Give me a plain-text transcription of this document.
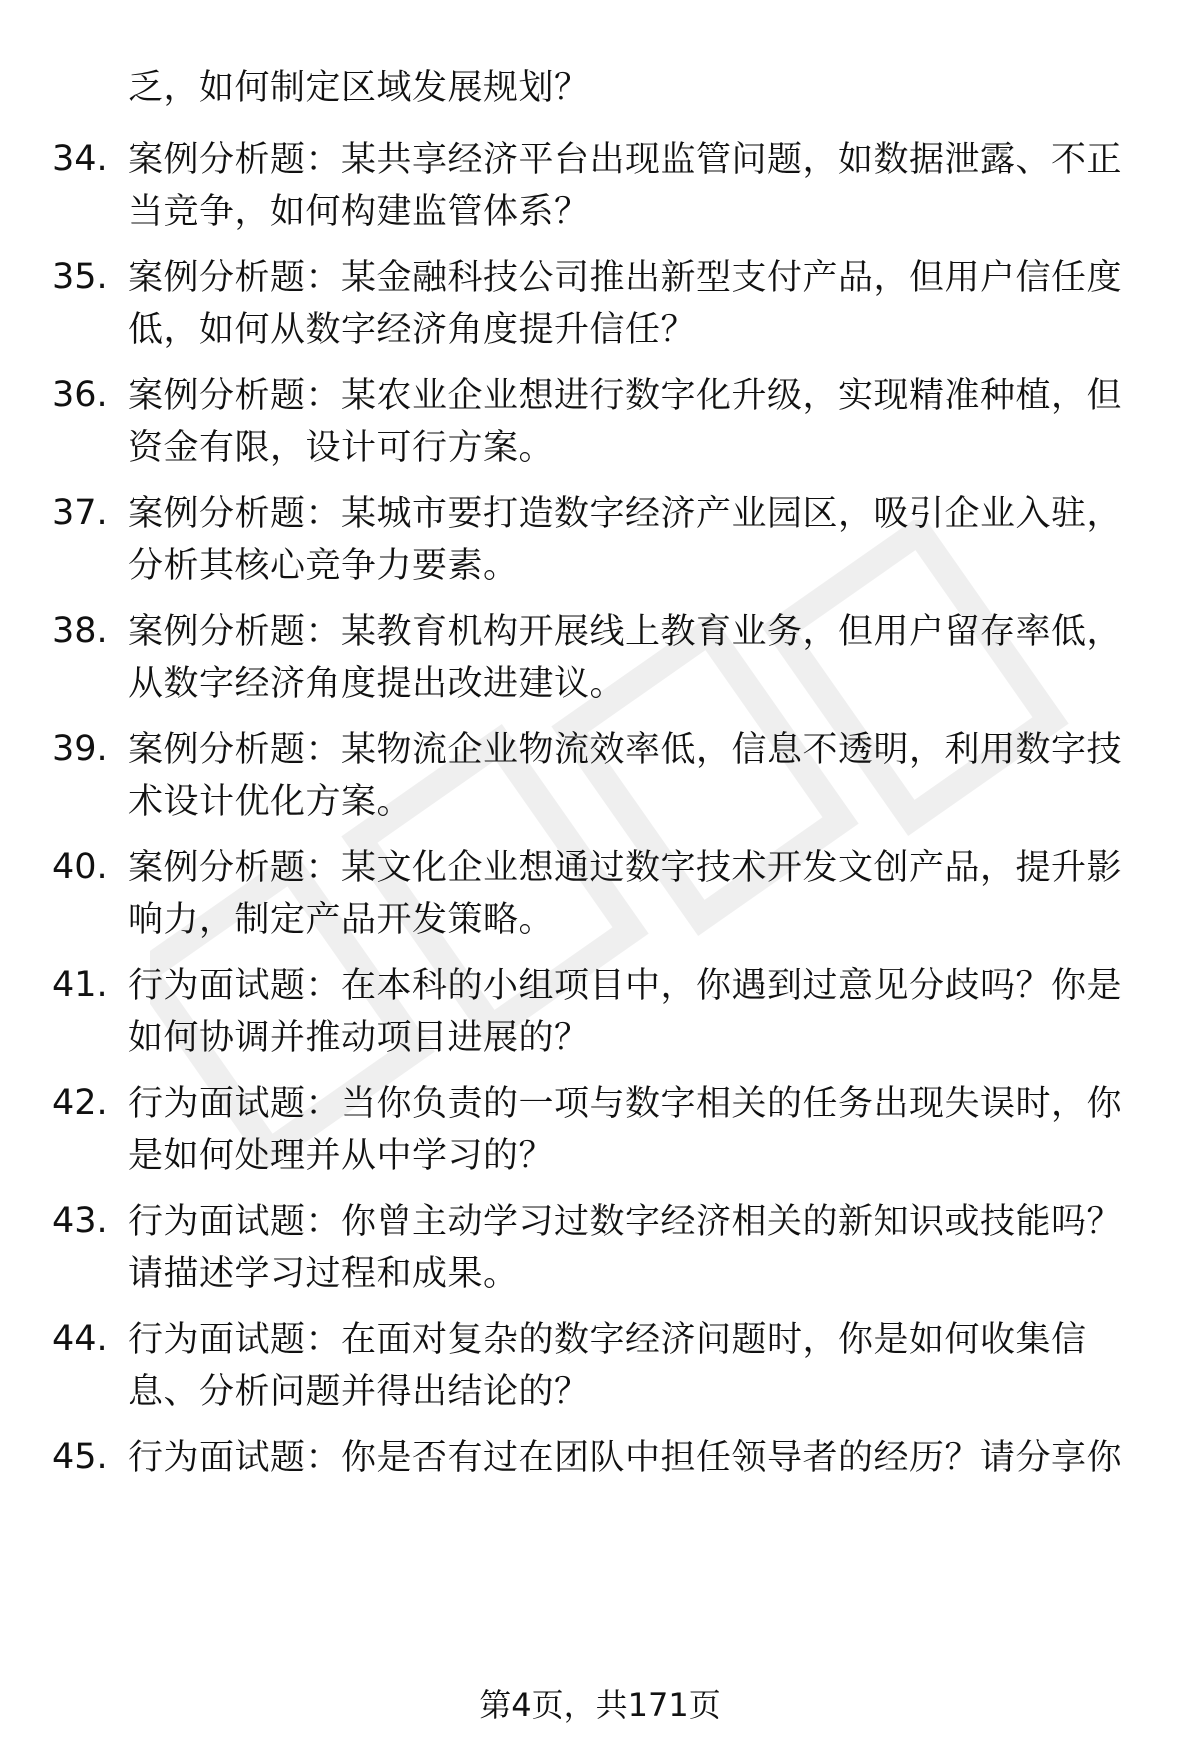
乏，如何制定区域发展规划？
34. 案例分析题：某共享经济平台出现监管问题，如数据泄露、不正当竞争，如何构建监管体系？
35. 案例分析题：某金融科技公司推出新型支付产品，但用户信任度低，如何从数字经济角度提升信任？
36. 案例分析题：某农业企业想进行数字化升级，实现精准种植，但资金有限，设计可行方案。
37. 案例分析题：某城市要打造数字经济产业园区，吸引企业入驻，分析其核心竞争力要素。
38. 案例分析题：某教育机构开展线上教育业务，但用户留存率低，从数字经济角度提出改进建议。
39. 案例分析题：某物流企业物流效率低，信息不透明，利用数字技术设计优化方案。
40. 案例分析题：某文化企业想通过数字技术开发文创产品，提升影响力，制定产品开发策略。
41. 行为面试题：在本科的小组项目中，你遇到过意见分歧吗？你是如何协调并推动项目进展的？
42. 行为面试题：当你负责的一项与数字相关的任务出现失误时，你是如何处理并从中学习的？
43. 行为面试题：你曾主动学习过数字经济相关的新知识或技能吗？请描述学习过程和成果。
44. 行为面试题：在面对复杂的数字经济问题时，你是如何收集信息、分析问题并得出结论的？
45. 行为面试题：你是否有过在团队中担任领导者的经历？请分享你
第4页，共171页
